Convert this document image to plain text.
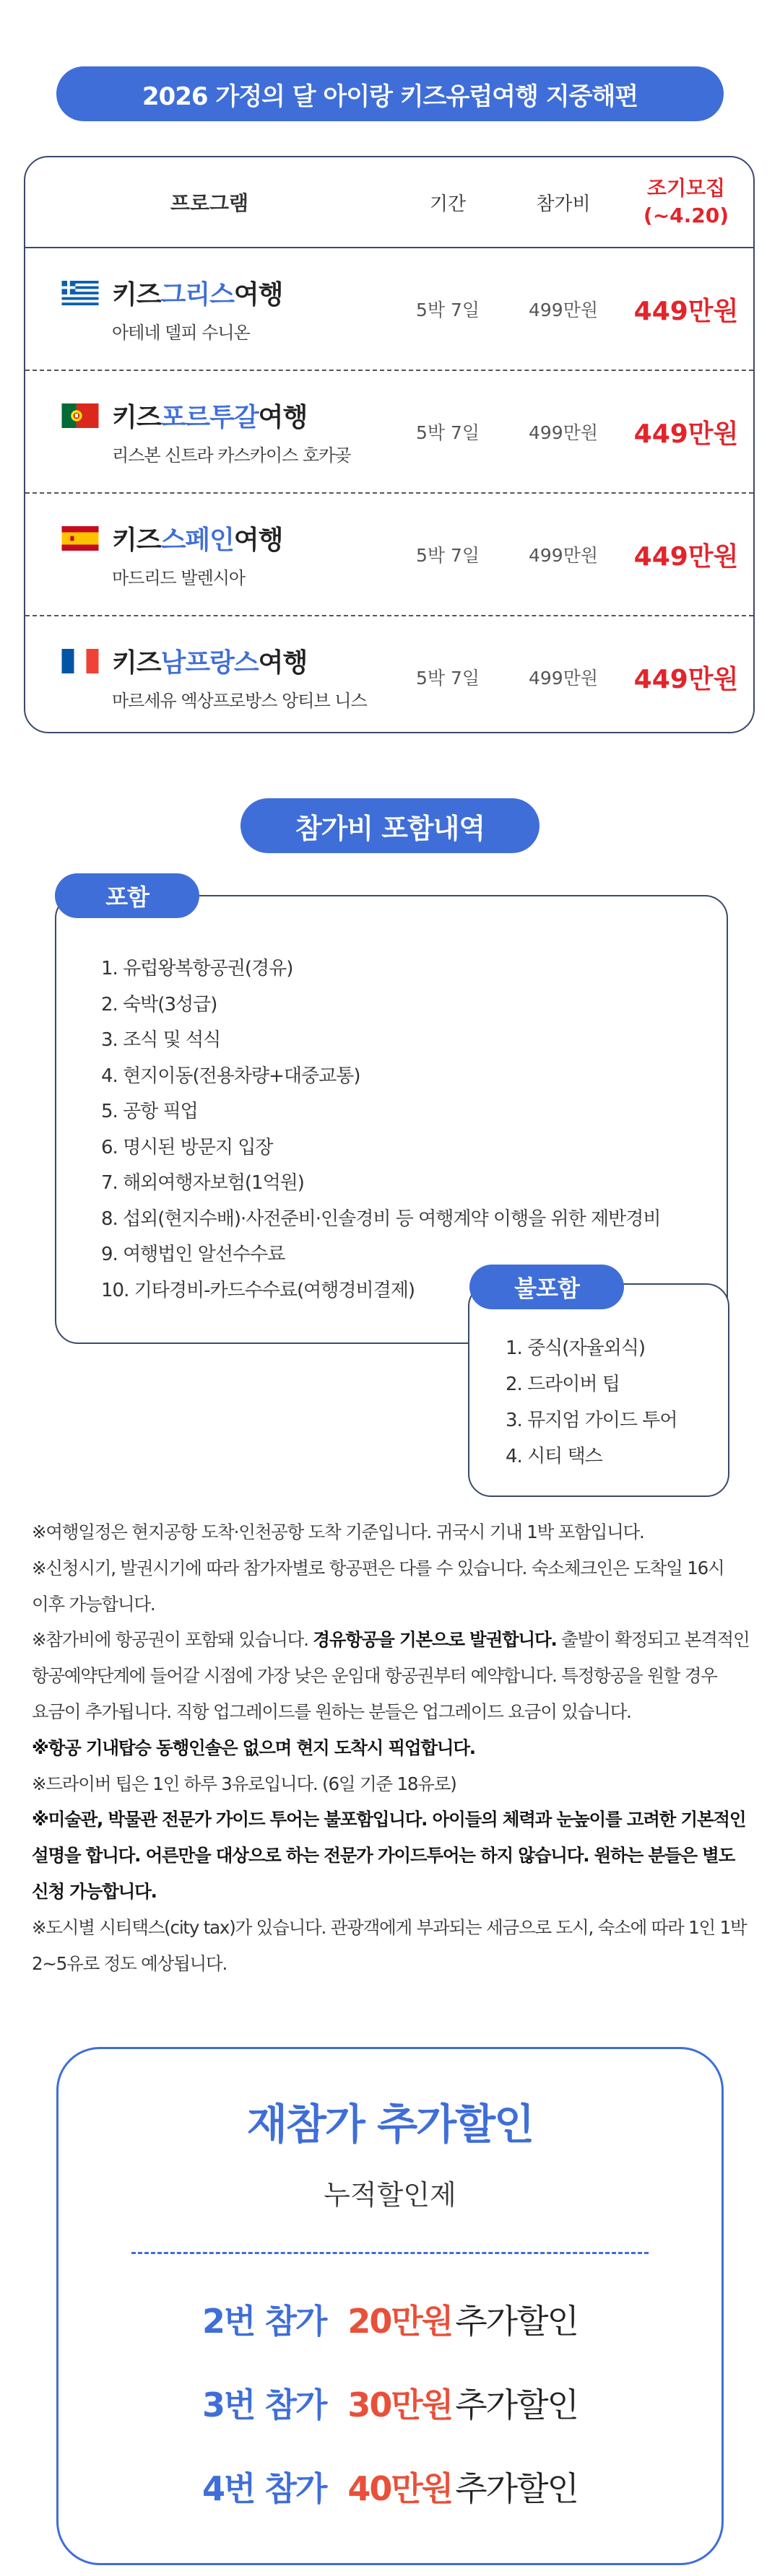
2026 가정의 달 아이랑 키즈유럽여행 지중해편
프로그램	기간	참가비
조기모집
(~4.20)
키즈그리스여행
아테네 델피 수니온
5박 7일	499만원	449만원
키즈포르투갈여행
리스본 신트라 카스카이스 호카곶
5박 7일	499만원	449만원
키즈스페인여행
마드리드 발렌시아
5박 7일	499만원	449만원
키즈남프랑스여행
마르세유 엑상프로방스 앙티브 니스
5박 7일	499만원	449만원
참가비 포함내역
포함
1. 유럽왕복항공권(경유)
2. 숙박(3성급)
3. 조식 및 석식
4. 현지이동(전용차량+대중교통)
5. 공항 픽업
6. 명시된 방문지 입장
7. 해외여행자보험(1억원)
8. 섭외(현지수배)·사전준비·인솔경비 등 여행계약 이행을 위한 제반경비
9. 여행법인 알선수수료
10. 기타경비-카드수수료(여행경비결제)	불포함
1. 중식(자율외식)
2. 드라이버 팁
3. 뮤지엄 가이드 투어
4. 시티 택스
※여행일정은 현지공항 도착·인천공항 도착 기준입니다. 귀국시 기내 1박 포함입니다.
※신청시기, 발권시기에 따라 참가자별로 항공편은 다를 수 있습니다. 숙소체크인은 도착일 16시 이후 가능합니다.
※참가비에 항공권이 포함돼 있습니다. 경유항공을 기본으로 발권합니다. 출발이 확정되고 본격적인 항공예약단계에 들어갈 시점에 가장 낮은 운임대 항공권부터 예약합니다. 특정항공을 원할 경우 요금이 추가됩니다. 직항 업그레이드를 원하는 분들은 업그레이드 요금이 있습니다.
※항공 기내탑승 동행인솔은 없으며 현지 도착시 픽업합니다.
※드라이버 팁은 1인 하루 3유로입니다. (6일 기준 18유로)
※미술관, 박물관 전문가 가이드 투어는 불포함입니다. 아이들의 체력과 눈높이를 고려한 기본적인 설명을 합니다. 어른만을 대상으로 하는 전문가 가이드투어는 하지 않습니다. 원하는 분들은 별도 신청 가능합니다.
※도시별 시티택스(city tax)가 있습니다. 관광객에게 부과되는 세금으로 도시, 숙소에 따라 1인 1박 2~5유로 정도 예상됩니다.
재참가 추가할인
누적할인제
2번 참가 20만원추가할인
3번 참가 30만원추가할인
4번 참가 40만원추가할인
